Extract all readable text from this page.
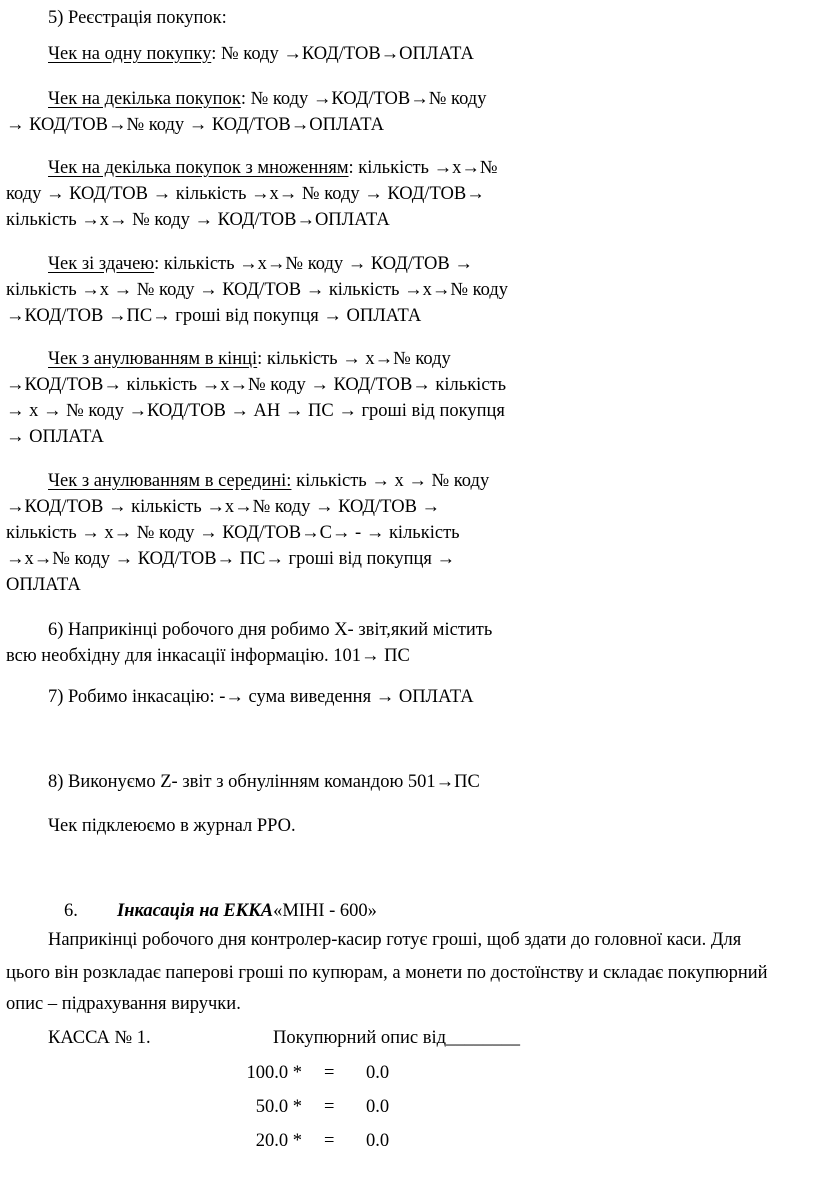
5) Реєстрація покупок:
Чек на одну покупку: № коду →КОД/ТОВ→ОПЛАТА
Чек на декілька покупок: № коду →КОД/ТОВ→№ коду
→ КОД/ТОВ→№ коду → КОД/ТОВ→ОПЛАТА
Чек на декілька покупок з множенням: кількість →х→№
коду → КОД/ТОВ → кількість →х→ № коду → КОД/ТОВ→
кількість →х→ № коду → КОД/ТОВ→ОПЛАТА
Чек зі здачею: кількість →х→№ коду → КОД/ТОВ →
кількість →х → № коду → КОД/ТОВ → кількість →х→№ коду
→КОД/ТОВ →ПС→ гроші від покупця → ОПЛАТА
Чек з анулюванням в кінці: кількість → х→№ коду
→КОД/ТОВ→ кількість →х→№ коду → КОД/ТОВ→ кількість
→ х → № коду →КОД/ТОВ → АН → ПС → гроші від покупця
→ ОПЛАТА
Чек з анулюванням в середині: кількість → х → № коду
→КОД/ТОВ → кількість →х→№ коду → КОД/ТОВ →
кількість → х→ № коду → КОД/ТОВ→С→ - → кількість
→х→№ коду → КОД/ТОВ→ ПС→ гроші від покупця →
ОПЛАТА
6) Наприкінці робочого дня робимо Х- звіт,який містить
всю необхідну для інкасації інформацію. 101→ ПС
7) Робимо інкасацію: -→ сума виведення → ОПЛАТА
8) Виконуємо Z- звіт з обнулінням командою 501→ПС
Чек підклеюємо в журнал РРО.
6. Інкасація на ЕККА«МІНІ - 600»
Наприкінці робочого дня контролер-касир готує гроші, щоб здати до головної каси. Для
цього він розкладає паперові гроші по купюрам, а монети по достоїнству и складає покупюрний
опис – підрахування виручки.
КАССА № 1.	Покупюрний опис від________
100.0 * = 0.0
50.0 * = 0.0
20.0 * = 0.0
